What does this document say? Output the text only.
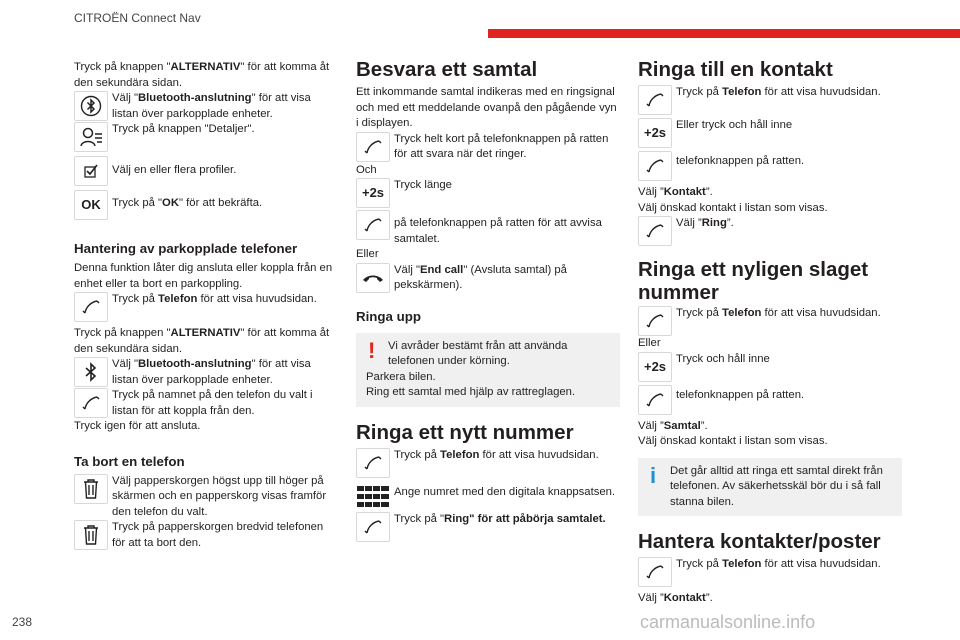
CITROËN Connect Nav

Tryck på knappen "ALTERNATIV" för att komma åt den sekundära sidan.

Välj "Bluetooth-anslutning" för att visa listan över parkopplade enheter.
Tryck på knappen "Detaljer".
Välj en eller flera profiler.
OK Tryck på "OK" för att bekräfta.
Hantering av parkopplade telefoner

Denna funktion låter dig ansluta eller koppla från en enhet eller ta bort en parkoppling.

Tryck på Telefon för att visa huvudsidan.

Tryck på knappen "ALTERNATIV" för att komma åt den sekundära sidan.

Välj "Bluetooth-anslutning" för att visa listan över parkopplade enheter.
Tryck på namnet på den telefon du valt i listan för att koppla från den.

Tryck igen för att ansluta.

Ta bort en telefon
Välj papperskorgen högst upp till höger på skärmen och en papperskorg visas framför den telefon du valt.
Tryck på papperskorgen bredvid telefonen för att ta bort den.
Besvara ett samtal

Ett inkommande samtal indikeras med en ringsignal och med ett meddelande ovanpå den pågående vyn i displayen.

Tryck helt kort på telefonknappen på ratten för att svara när det ringer.

Och

+ 2s
Tryck länge
på telefonknappen på ratten för att avvisa samtalet.

Eller

Välj "End call" (Avsluta samtal) på pekskärmen).
Ringa upp
!	Vi avråder bestämt från att använda telefonen under körning.

Parkera bilen.

Ring ett samtal med hjälp av rattreglagen.

Ringa ett nytt nummer
Tryck på Telefon för att visa huvudsidan.
Ange numret med den digitala knappsatsen.
Tryck på "Ring" för att påbörja samtalet.
Ringa till en kontakt
Tryck på Telefon för att visa huvudsidan.
+ 2s
Eller tryck och håll inne
telefonknappen på ratten.

Välj ”Kontakt”.

Välj önskad kontakt i listan som visas.

Välj ”Ring”.
Ringa ett nyligen slaget nummer
Tryck på Telefon för att visa huvudsidan.

Eller

+ 2s
Tryck och håll inne
telefonknappen på ratten.

Välj ”Samtal”.

Välj önskad kontakt i listan som visas.

i	Det går alltid att ringa ett samtal direkt från telefonen. Av säkerhetsskäl bör du i så fall stanna bilen.

Hantera kontakter/poster
Tryck på Telefon för att visa huvudsidan.

Välj ”Kontakt”.

238	carmanualsonline.info
